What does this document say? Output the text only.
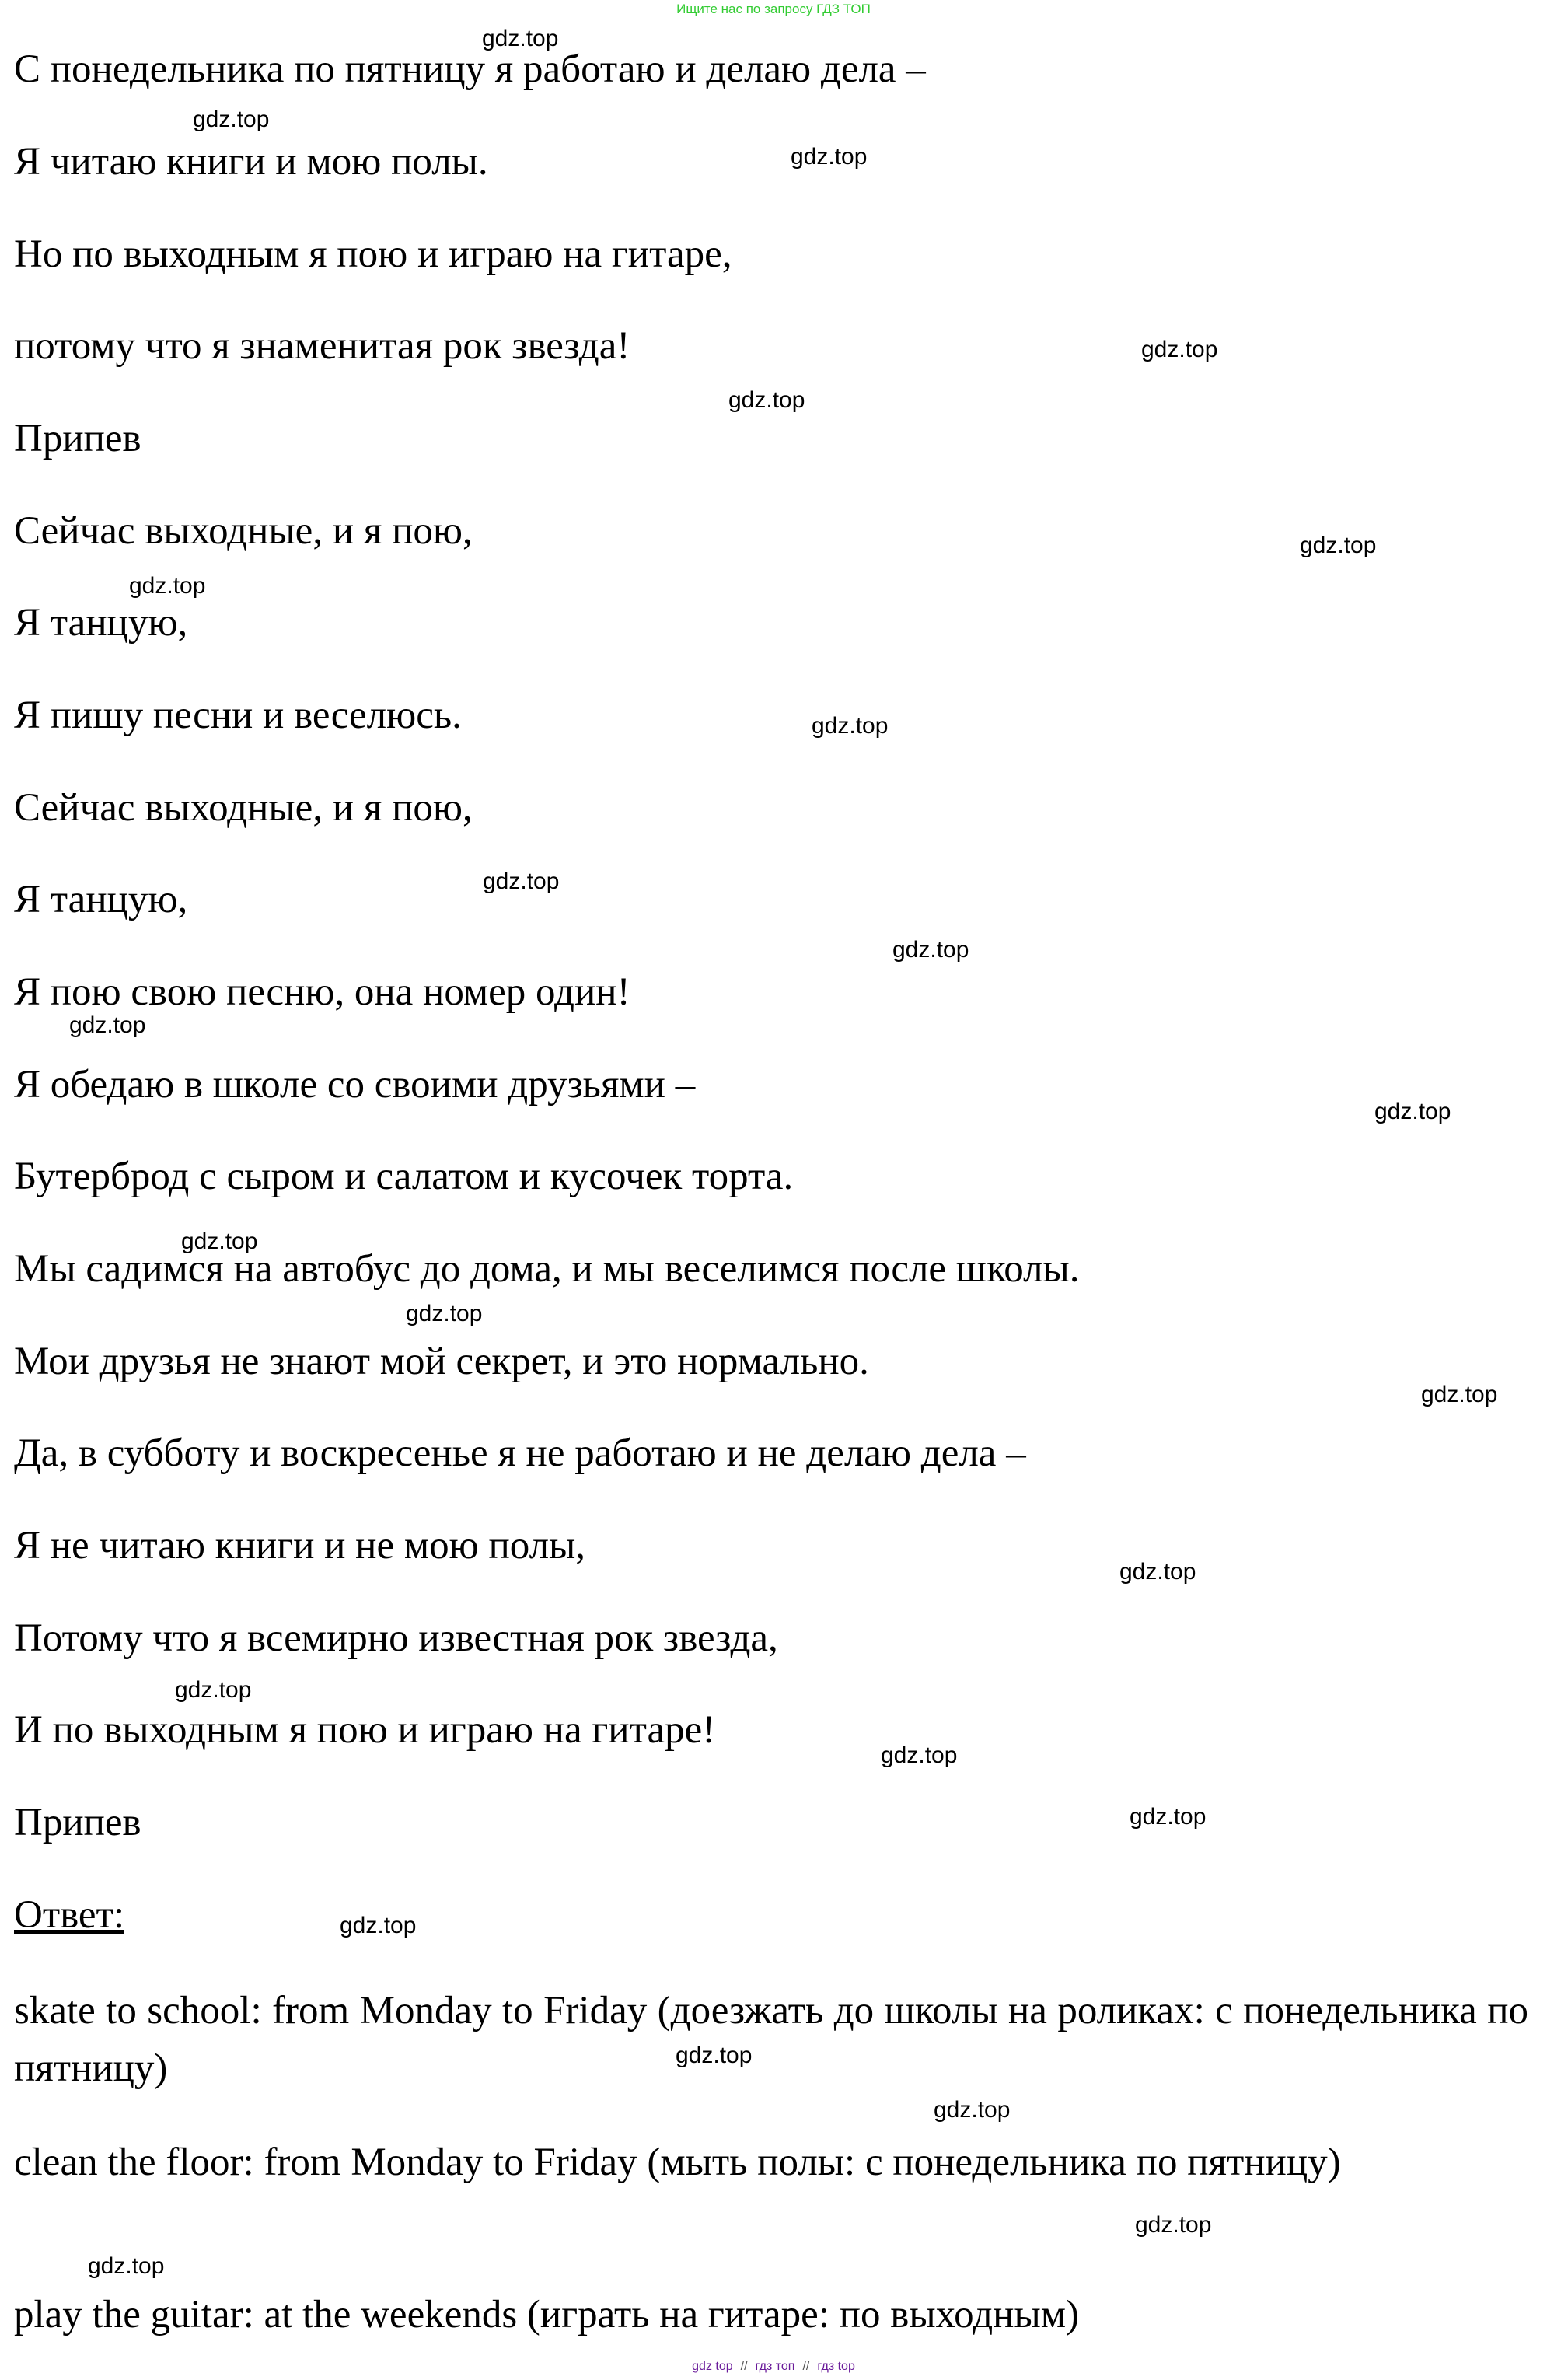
Ищите нас по запросу ГДЗ ТОП
С понедельника по пятницу я работаю и делаю дела –
Я читаю книги и мою полы.
Но по выходным я пою и играю на гитаре,
потому что я знаменитая рок звезда!
Припев
Сейчас выходные, и я пою,
Я танцую,
Я пишу песни и веселюсь.
Сейчас выходные, и я пою,
Я танцую,
Я пою свою песню, она номер один!
Я обедаю в школе со своими друзьями –
Бутерброд с сыром и салатом и кусочек торта.
Мы садимся на автобус до дома, и мы веселимся после школы.
Мои друзья не знают мой секрет, и это нормально.
Да, в субботу и воскресенье я не работаю и не делаю дела –
Я не читаю книги и не мою полы,
Потому что я всемирно известная рок звезда,
И по выходным я пою и играю на гитаре!
Припев
Ответ:
skate to school: from Monday to Friday (доезжать до школы на роликах: с понедельника по пятницу)
clean the floor: from Monday to Friday (мыть полы: с понедельника по пятницу)
play the guitar: at the weekends (играть на гитаре: по выходным)
gdz.top
gdz.top
gdz.top
gdz.top
gdz.top
gdz.top
gdz.top
gdz.top
gdz.top
gdz.top
gdz.top
gdz.top
gdz.top
gdz.top
gdz.top
gdz.top
gdz.top
gdz.top
gdz.top
gdz.top
gdz.top
gdz.top
gdz.top
gdz.top
gdz top // гдз топ // гдз top
